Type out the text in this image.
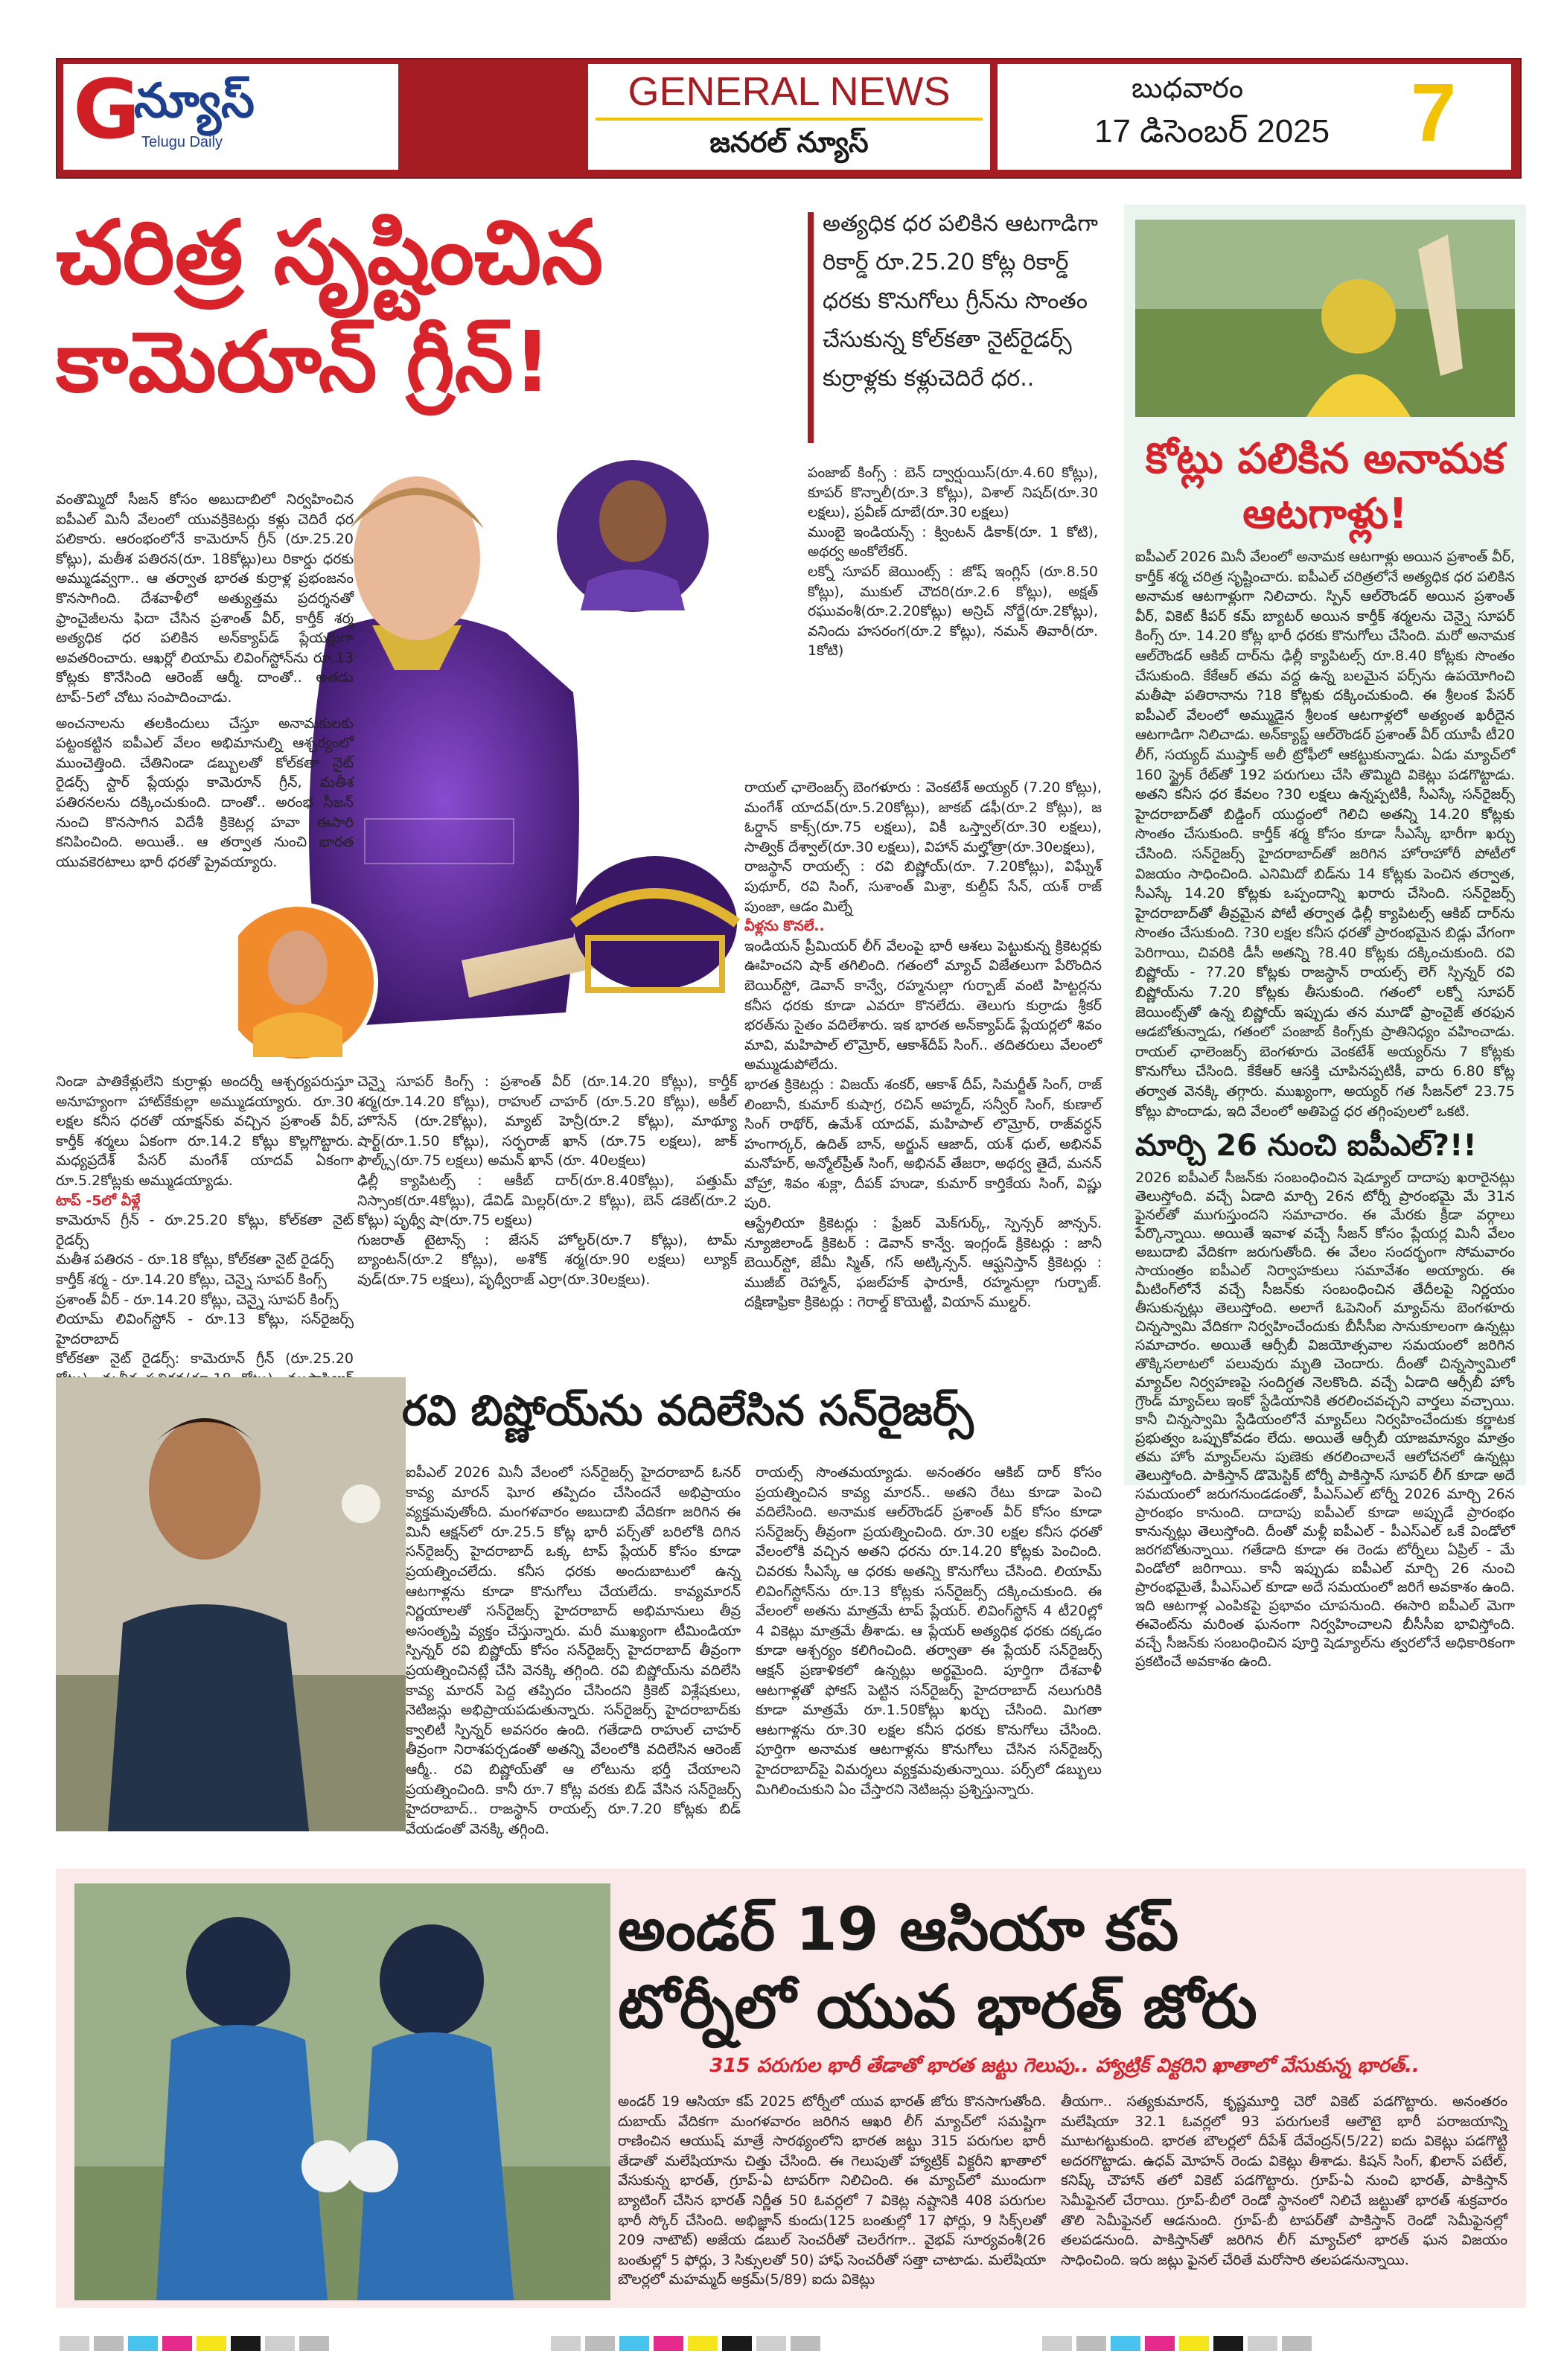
G
న్యూస్
Telugu Daily
GENERAL NEWS
జనరల్ న్యూస్
బుధవారం
17 డిసెంబర్ 2025 7
చరిత్ర సృష్టించిన
కామెరూన్ గ్రీన్!
అత్యధిక ధర పలికిన ఆటగాడిగా రికార్డ్ రూ.25.20 కోట్ల రికార్డ్ ధరకు కొనుగోలు గ్రీన్‌ను సొంతం చేసుకున్న కోల్‌కతా నైట్‌రైడర్స్ కుర్రాళ్లకు కళ్లుచెదిరే ధర..
వంతొమ్మిదో సీజన్ కోసం అబుదాబిలో నిర్వహించిన ఐపీఎల్ మినీ వేలంలో యువక్రికెటర్లు కళ్లు చెదిరే ధర పలికారు. ఆరంభంలోనే కామెరూన్ గ్రీన్ (రూ.25.20 కోట్లు), మతీశ పతిరన(రూ. 18కోట్లు)లు రికార్డు ధరకు అమ్ముడవ్వగా.. ఆ తర్వాత భారత కుర్రాళ్ల ప్రభంజనం కొనసాగింది. దేశవాళీలో అత్యుత్తమ ప్రదర్శనతో ఫ్రాంచైజీలను ఫిదా చేసిన ప్రశాంత్ వీర్, కార్తీక్ శర్మ అత్యధిక ధర పలికిన అన్‌క్యాప్‌డ్ ప్లేయర్లుగా అవతరించారు. ఆఖర్లో లియామ్ లివింగ్‌స్టోన్‌ను రూ.13 కోట్లకు కొనేసింది ఆరెంజ్ ఆర్మీ. దాంతో.. అతడు టాప్-5లో చోటు సంపాదించాడు.
అంచనాలను తలకిందులు చేస్తూ అనామకులకు పట్టంకట్టిన ఐపీఎల్ వేలం అభిమానుల్ని ఆశ్చర్యంలో ముంచెత్తింది. చేతినిండా డబ్బులతో కోల్‌కతా నైట్ రైడర్స్ స్టార్ ప్లేయర్లు కామెరూన్ గ్రీన్, మతీశ పతిరనలను దక్కించుకుంది. దాంతో.. అరంభ సీజన్ నుంచి కొనసాగిన విదేశీ క్రికెటర్ల హవా ఈసారి కనిపించింది. అయితే.. ఆ తర్వాత నుంచి భారత యువకెరటాలు భారీ ధరతో ప్రైవయ్యారు.
నిండా పాతికేళ్లులేని కుర్రాళ్లు అందర్నీ ఆశ్చర్యపరుస్తూ అనూహ్యంగా హాట్‌కేకుల్లా అమ్ముడయ్యారు. రూ.30 లక్షల కనీస ధరతో యాక్షన్‌కు వచ్చిన ప్రశాంత్ వీర్, కార్తీక్ శర్మలు ఏకంగా రూ.14.2 కోట్లు కొల్లగొట్టారు. మధ్యప్రదేశ్ పేసర్ మంగేశ్ యాదవ్ ఏకంగా రూ.5.2కోట్లకు అమ్ముడయ్యాడు.
టాప్ -5లో వీళ్లే
కామెరూన్ గ్రీన్ - రూ.25.20 కోట్లు, కోల్‌కతా నైట్ రైడర్స్
మతీశ పతిరన - రూ.18 కోట్లు, కోల్‌కతా నైట్ రైడర్స్
కార్తీక్ శర్మ - రూ.14.20 కోట్లు, చెన్నై సూపర్ కింగ్స్
ప్రశాంత్ వీర్ - రూ.14.20 కోట్లు, చెన్నై సూపర్ కింగ్స్
లియామ్ లివింగ్‌స్టోన్ - రూ.13 కోట్లు, సన్‌రైజర్స్ హైదరాబాద్
కోల్‌కతా నైట్ రైడర్స్: కామెరూన్ గ్రీన్ (రూ.25.20
చెన్నై సూపర్ కింగ్స్ : ప్రశాంత్ వీర్ (రూ.14.20 కోట్లు), కార్తీక్ శర్మ(రూ.14.20 కోట్లు), రాహుల్ చాహర్ (రూ.5.20 కోట్లు), అకీల్ హొసేన్ (రూ.2కోట్లు), మ్యాట్ హెన్రీ(రూ.2 కోట్లు), మాథ్యూ షార్ట్(రూ.1.50 కోట్లు), సర్ఫరాజ్ ఖాన్ (రూ.75 లక్షలు), జాక్ ఫౌల్క్స్(రూ.75 లక్షలు) అమన్ ఖాన్ (రూ. 40లక్షలు)
ఢిల్లీ క్యాపిటల్స్ : ఆకీబ్ దార్(రూ.8.40కోట్లు), పత్తుమ్ నిస్సాంక(రూ.4కోట్లు), డేవిడ్ మిల్లర్(రూ.2 కోట్లు), బెన్ డకెట్(రూ.2 కోట్లు) పృథ్వీ షా(రూ.75 లక్షలు)
గుజరాత్ టైటాన్స్ : జేసన్ హోల్డర్(రూ.7 కోట్లు), టామ్ బ్యాంటన్(రూ.2 కోట్లు), అశోక్ శర్మ(రూ.90 లక్షలు) ల్యూక్ వుడ్(రూ.75 లక్షలు), పృథ్వీరాజ్ ఎర్రా(రూ.30లక్షలు).
పంజాబ్ కింగ్స్ : బెన్ ద్వార్షుయిస్(రూ.4.60 కోట్లు), కూపర్ కొన్నాలీ(రూ.3 కోట్లు), విశాల్ నిషద్(రూ.30 లక్షలు), ప్రవీణ్ దూబే(రూ.30 లక్షలు)
ముంబై ఇండియన్స్ : క్వింటన్ డికాక్(రూ. 1 కోటి), అథర్వ అంకోలేకర్.
లక్నో సూపర్ జెయింట్స్ : జోష్ ఇంగ్లిస్ (రూ.8.50 కోట్లు), ముకుల్ చౌదరి(రూ.2.6 కోట్లు), అక్షత్ రఘువంశీ(రూ.2.20కోట్లు) అన్రిచ్ నోర్జే(రూ.2కోట్లు), వనిందు హసరంగ(రూ.2 కోట్లు), నమన్ తివారీ(రూ. 1కోటి)
రాయల్ ఛాలెంజర్స్ బెంగళూరు : వెంకటేశ్ అయ్యర్ (7.20 కోట్లు), మంగేశ్ యాదవ్(రూ.5.20కోట్లు), జాకబ్ డఫీ(రూ.2 కోట్లు), జ ఓర్డాన్ కాక్స్(రూ.75 లక్షలు), వికీ ఒస్త్వాల్(రూ.30 లక్షలు), సాత్విక్ దేశ్వాల్(రూ.30 లక్షలు), విహాన్ మల్హోత్రా(రూ.30లక్షలు),
రాజస్థాన్ రాయల్స్ : రవి బిష్ణోయ్(రూ. 7.20కోట్లు), విఘ్నేశ్ పుథూర్, రవి సింగ్, సుశాంత్ మిశ్రా, కుల్దీప్ సేన్, యశ్ రాజ్ పుంజా, ఆడం మిల్నే
వీళ్లను కొనలే..
ఇండియన్ ప్రీమియర్ లీగ్ వేలంపై భారీ ఆశలు పెట్టుకున్న క్రికెటర్లకు ఊహించని షాక్ తగిలింది. గతంలో మ్యాచ్ విజేతలుగా పేరొందిన బెయిర్‌స్టో, డెవాన్ కాన్వే, రహ్మనుల్లా గుర్బాజ్ వంటి హిట్టర్లను కనీస ధరకు కూడా ఎవరూ కొనలేదు. తెలుగు కుర్రాడు శ్రీకర్ భరత్‌ను సైతం వదిలేశారు. ఇక భారత అన్‌క్యాప్‌డ్ ప్లేయర్లలో శివం మావి, మహిపాల్ లొమ్రోర్, ఆకాశ్‌దీప్ సింగ్.. తదితరులు వేలంలో అమ్ముడుపోలేదు.
భారత క్రికెటర్లు : విజయ్ శంకర్, ఆకాశ్ దీప్, సిమర్జీత్ సింగ్, రాజ్ లింబానీ, కుమార్ కుషాగ్ర, రచిన్ అహ్మద్, సన్వీర్ సింగ్, కుణాల్ సింగ్ రాథోర్, ఉమేశ్ యాదవ్, మహిపాల్ లొమ్రోర్, రాజ్‌వర్ధన్ హంగార్కర్, ఉదిత్ బాన్, అర్జున్ ఆజాద్, యశ్ ధుల్, అభినవ్ మనోహర్, అన్మోల్‌ప్రీత్ సింగ్, అభినవ్ తేజరా, అథర్వ తైదే, మనన్ వోహ్రా, శివం శుక్లా, దీపక్ హుడా, కుమార్ కార్తికేయ సింగ్, విష్ణు పురి.
ఆస్ట్రేలియా క్రికెటర్లు : ఫ్రేజర్ మెక్‌గుర్క్, స్పెన్సర్ జాన్సన్. న్యూజిలాండ్ క్రికెటర్ : డెవాన్ కాన్వే. ఇంగ్లండ్ క్రికెటర్లు : జానీ బెయిర్‌స్టో, జేమీ స్మిత్, గస్ అట్కిన్సన్. ఆఫ్ఘనిస్తాన్ క్రికెటర్లు : ముజీబ్ రెహ్మాన్, ఫజల్‌హక్ ఫారూకీ, రహ్మనుల్లా గుర్బాజ్. దక్షిణాఫ్రికా క్రికెటర్లు : గెరాల్డ్ కొయెట్జీ, వియాన్ ముల్డర్.
కోట్లు పలికిన అనామక ఆటగాళ్లు!
ఐపీఎల్ 2026 మినీ వేలంలో అనామక ఆటగాళ్లు అయిన ప్రశాంత్ వీర్, కార్తీక్ శర్మ చరిత్ర సృష్టించారు. ఐపీఎల్ చరిత్రలోనే అత్యధిక ధర పలికిన అనామక ఆటగాళ్లుగా నిలిచారు. స్పిన్ ఆల్‌రౌండర్ అయిన ప్రశాంత్ వీర్, వికెట్ కీపర్ కమ్ బ్యాటర్ అయిన కార్తీక్ శర్మలను చెన్నై సూపర్ కింగ్స్ రూ. 14.20 కోట్ల భారీ ధరకు కొనుగోలు చేసింది. మరో అనామక ఆల్‌రౌండర్ ఆకిబ్ దార్‌ను ఢిల్లీ క్యాపిటల్స్ రూ.8.40 కోట్లకు సొంతం చేసుకుంది. కేకేఆర్ తమ వద్ద ఉన్న బలమైన పర్స్‌ను ఉపయోగించి మతీషా పతిరానాను ?18 కోట్లకు దక్కించుకుంది. ఈ శ్రీలంక పేసర్ ఐపీఎల్ వేలంలో అమ్ముడైన శ్రీలంక ఆటగాళ్లలో అత్యంత ఖరీదైన ఆటగాడిగా నిలిచాడు. అన్‌క్యాప్డ్ ఆల్‌రౌండర్ ప్రశాంత్ వీర్ యూపీ టీ20 లీగ్, సయ్యద్ ముష్తాక్ అలీ ట్రోఫీలో ఆకట్టుకున్నాడు. ఏడు మ్యాచ్‌లో 160 స్ట్రైక్ రేట్‌తో 192 పరుగులు చేసి తొమ్మిది వికెట్లు పడగొట్టాడు. అతని కనీస ధర కేవలం ?30 లక్షలు ఉన్నప్పటికీ, సీఎస్కే సన్‌రైజర్స్ హైదరాబాద్‌తో బిడ్డింగ్ యుద్ధంలో గెలిచి అతన్ని 14.20 కోట్లకు సొంతం చేసుకుంది. కార్తీక్ శర్మ కోసం కూడా సీఎస్కే భారీగా ఖర్చు చేసింది. సన్‌రైజర్స్ హైదరాబాద్‌తో జరిగిన హోరాహోరీ పోటీలో విజయం సాధించింది. ఎనిమిదో బిడ్‌ను 14 కోట్లకు పెంచిన తర్వాత, సీఎస్కే 14.20 కోట్లకు ఒప్పందాన్ని ఖరారు చేసింది. సన్‌రైజర్స్ హైదరాబాద్‌తో తీవ్రమైన పోటీ తర్వాత ఢిల్లీ క్యాపిటల్స్ ఆకిబ్ దార్‌ను సొంతం చేసుకుంది. ?30 లక్షల కనీస ధరతో ప్రారంభమైన బిడ్లు వేగంగా పెరిగాయి, చివరికి డీసీ అతన్ని ?8.40 కోట్లకు దక్కించుకుంది. రవి బిష్ణోయ్ - ?7.20 కోట్లకు రాజస్థాన్ రాయల్స్ లెగ్ స్పిన్నర్ రవి బిష్ణోయ్‌ను 7.20 కోట్లకు తీసుకుంది. గతంలో లక్నో సూపర్ జెయింట్స్‌తో ఉన్న బిష్ణోయ్ ఇప్పుడు తన మూడో ఫ్రాంచైజ్ తరఫున ఆడబోతున్నాడు, గతంలో పంజాబ్ కింగ్స్‌కు ప్రాతినిధ్యం వహించాడు. రాయల్ ఛాలెంజర్స్ బెంగళూరు వెంకటేశ్ అయ్యర్‌ను 7 కోట్లకు కొనుగోలు చేసింది. కేకేఆర్ ఆసక్తి చూపినప్పటికీ, వారు 6.80 కోట్ల తర్వాత వెనక్కి తగ్గారు. ముఖ్యంగా, అయ్యర్ గత సీజన్‌లో 23.75 కోట్లు పొందాడు, ఇది వేలంలో అతిపెద్ద ధర తగ్గింపులలో ఒకటి.
మార్చి 26 నుంచి ఐపీఎల్?!!
2026 ఐపీఎల్ సీజన్‌కు సంబంధించిన షెడ్యూల్ దాదాపు ఖరారైనట్లు తెలుస్తోంది. వచ్చే ఏడాది మార్చి 26న టోర్నీ ప్రారంభమై మే 31న ఫైనల్‌తో ముగుస్తుందని సమాచారం. ఈ మేరకు క్రీడా వర్గాలు పేర్కొన్నాయి. అయితే ఇవాళ వచ్చే సీజన్ కోసం ప్లేయర్ల మినీ వేలం అబుదాబి వేదికగా జరుగుతోంది. ఈ వేలం సందర్భంగా సోమవారం సాయంత్రం ఐపీఎల్ నిర్వాహకులు సమావేశం అయ్యారు. ఈ మీటింగ్‌లోనే వచ్చే సీజన్‌కు సంబంధించిన తేదీలపై నిర్ణయం తీసుకున్నట్లు తెలుస్తోంది. అలాగే ఓపెనింగ్ మ్యాచ్‌ను బెంగళూరు చిన్నస్వామి వేదికగా నిర్వహించేందుకు బీసీసీఐ సానుకూలంగా ఉన్నట్లు సమాచారం. అయితే ఆర్సీబీ విజయోత్సవాల సమయంలో జరిగిన తొక్కిసలాటలో పలువురు మృతి చెందారు. దీంతో చిన్నస్వామిలో మ్యాచ్‌ల నిర్వహణపై సందిగ్ధత నెలకొంది. వచ్చే ఏడాది ఆర్సీబీ హోం గ్రౌండ్ మ్యాచ్‌లు ఇంకో స్టేడియానికి తరలించవచ్చని వార్తలు వచ్చాయి. కానీ చిన్నస్వామి స్టేడియంలోనే మ్యాచ్‌లు నిర్వహించేందుకు కర్ణాటక ప్రభుత్వం ఒప్పుకోవడం లేదు. అయితే ఆర్సీబీ యాజమాన్యం మాత్రం తమ హోం మ్యాచ్‌లను పుణెకు తరలించాలనే ఆలోచనలో ఉన్నట్లు తెలుస్తోంది. పాకిస్తాన్ డొమెస్టిక్ టోర్నీ పాకిస్తాన్ సూపర్ లీగ్ కూడా అదే సమయంలో జరుగనుండడంతో, పీఎస్ఎల్ టోర్నీ 2026 మార్చి 26న ప్రారంభం కానుంది. దాదాపు ఐపీఎల్ కూడా అప్పుడే ప్రారంభం కానున్నట్లు తెలుస్తోంది. దీంతో మళ్లీ ఐపీఎల్ - పీఎస్ఎల్ ఒకే విండోలో జరగబోతున్నాయి. గతేడాది కూడా ఈ రెండు టోర్నీలు ఏప్రిల్ - మే విండోలో జరిగాయి. కానీ ఇప్పుడు ఐపీఎల్ మార్చి 26 నుంచి ప్రారంభమైతే, పీఎస్ఎల్ కూడా అదే సమయంలో జరిగే అవకాశం ఉంది. ఇది ఆటగాళ్ల ఎంపికపై ప్రభావం చూపనుంది. ఈసారి ఐపీఎల్ మెగా ఈవెంట్‌ను మరింత ఘనంగా నిర్వహించాలని బీసీసీఐ భావిస్తోంది. వచ్చే సీజన్‌కు సంబంధించిన పూర్తి షెడ్యూల్‌ను త్వరలోనే అధికారికంగా ప్రకటించే అవకాశం ఉంది.
రవి బిష్ణోయ్‌ను వదిలేసిన సన్‌రైజర్స్
ఐపీఎల్ 2026 మినీ వేలంలో సన్‌రైజర్స్ హైదరాబాద్ ఓనర్ కావ్య మారన్ ఘోర తప్పిదం చేసిందనే అభిప్రాయం వ్యక్తమవుతోంది. మంగళవారం అబుదాబి వేదికగా జరిగిన ఈ మినీ ఆక్షన్‌లో రూ.25.5 కోట్ల భారీ పర్స్‌తో బరిలోకి దిగిన సన్‌రైజర్స్ హైదరాబాద్ ఒక్క టాప్ ప్లేయర్ కోసం కూడా ప్రయత్నించలేదు. కనీస ధరకు అందుబాటులో ఉన్న ఆటగాళ్లను కూడా కొనుగోలు చేయలేదు. కావ్యమారన్ నిర్ణయాలతో సన్‌రైజర్స్ హైదరాబాద్ అభిమానులు తీవ్ర అసంతృప్తి వ్యక్తం చేస్తున్నారు. మరీ ముఖ్యంగా టీమిండియా స్పిన్నర్ రవి బిష్ణోయ్ కోసం సన్‌రైజర్స్ హైదరాబాద్ తీవ్రంగా ప్రయత్నించినట్లే చేసి వెనక్కి తగ్గింది. రవి బిష్ణోయ్‌ను వదిలేసి కావ్య మారన్ పెద్ద తప్పిదం చేసిందని క్రికెట్ విశ్లేషకులు, నెటిజన్లు అభిప్రాయపడుతున్నారు. సన్‌రైజర్స్ హైదరాబాద్‌కు క్వాలిటీ స్పిన్నర్ అవసరం ఉంది. గతేడాది రాహుల్ చాహర్ తీవ్రంగా నిరాశపర్చడంతో అతన్ని వేలంలోకి వదిలేసిన ఆరెంజ్ ఆర్మీ.. రవి బిష్ణోయ్‌తో ఆ లోటును భర్తీ చేయాలని ప్రయత్నించింది. కానీ రూ.7 కోట్ల వరకు బిడ్ వేసిన సన్‌రైజర్స్ హైదరాబాద్.. రాజస్థాన్ రాయల్స్ రూ.7.20 కోట్లకు బిడ్ వేయడంతో వెనక్కి తగ్గింది.
రాయల్స్ సొంతమయ్యాడు. అనంతరం ఆకిబ్ దార్ కోసం ప్రయత్నించిన కావ్య మారన్.. అతని రేటు కూడా పెంచి వదిలేసింది. అనామక ఆల్‌రౌండర్ ప్రశాంత్ వీర్ కోసం కూడా సన్‌రైజర్స్ తీవ్రంగా ప్రయత్నించింది. రూ.30 లక్షల కనీస ధరతో వేలంలోకి వచ్చిన అతని ధరను రూ.14.20 కోట్లకు పెంచింది. చివరకు సీఎస్కే ఆ ధరకు అతన్ని కొనుగోలు చేసింది. లియామ్ లివింగ్‌స్టోన్‌ను రూ.13 కోట్లకు సన్‌రైజర్స్ దక్కించుకుంది. ఈ వేలంలో అతను మాత్రమే టాప్ ప్లేయర్. లివింగ్‌స్టోన్ 4 టీ20ల్లో 4 వికెట్లు మాత్రమే తీశాడు. ఆ ప్లేయర్ అత్యధిక ధరకు దక్కడం కూడా ఆశ్చర్యం కలిగించింది. తర్వాతా ఈ ప్లేయర్ సన్‌రైజర్స్ ఆక్షన్ ప్రణాళికలో ఉన్నట్లు అర్థమైంది. పూర్తిగా దేశవాళీ ఆటగాళ్లతో ఫోకస్ పెట్టిన సన్‌రైజర్స్ హైదరాబాద్ నలుగురికి కూడా మాత్రమే రూ.1.50కోట్లు ఖర్చు చేసింది. మిగతా ఆటగాళ్లను రూ.30 లక్షల కనీస ధరకు కొనుగోలు చేసింది. పూర్తిగా అనామక ఆటగాళ్లను కొనుగోలు చేసిన సన్‌రైజర్స్ హైదరాబాద్‌పై విమర్శలు వ్యక్తమవుతున్నాయి. పర్స్‌లో డబ్బులు మిగిలించుకుని ఏం చేస్తారని నెటిజన్లు ప్రశ్నిస్తున్నారు.
అండర్ 19 ఆసియా కప్
టోర్నీలో యువ భారత్ జోరు
315 పరుగుల భారీ తేడాతో భారత జట్టు గెలుపు.. హ్యాట్రిక్ విక్టరిని ఖాతాలో వేసుకున్న భారత్..
అండర్ 19 ఆసియా కప్ 2025 టోర్నీలో యువ భారత్ జోరు కొనసాగుతోంది. దుబాయ్ వేదికగా మంగళవారం జరిగిన ఆఖరి లీగ్ మ్యాచ్‌లో సమష్టిగా రాణించిన ఆయుష్ మాత్రే సారథ్యంలోని భారత జట్టు 315 పరుగుల భారీ తేడాతో మలేషియాను చిత్తు చేసింది. ఈ గెలుపుతో హ్యాట్రిక్ విక్టరీని ఖాతాలో వేసుకున్న భారత్, గ్రూప్-ఏ టాపర్‌గా నిలిచింది. ఈ మ్యాచ్‌లో ముందుగా బ్యాటింగ్ చేసిన భారత్ నిర్ణీత 50 ఓవర్లలో 7 వికెట్ల నష్టానికి 408 పరుగుల భారీ స్కోర్ చేసింది. అభిజ్ఞాన్ కుందు(125 బంతుల్లో 17 ఫోర్లు, 9 సిక్స్‌లతో 209 నాటౌట్) అజేయ డబుల్ సెంచరీతో చెలరేగగా.. వైభవ్ సూర్యవంశీ(26 బంతుల్లో 5 ఫోర్లు, 3 సిక్సులతో 50) హాఫ్ సెంచరీతో సత్తా చాటాడు. మలేషియా బౌలర్లలో మహమ్మద్ అక్రమ్(5/89) ఐదు వికెట్లు
తీయగా.. సత్యకుమారన్, కృష్ణమూర్తి చెరో వికెట్ పడగొట్టారు. అనంతరం మలేషియా 32.1 ఓవర్లలో 93 పరుగులకే ఆలౌటై భారీ పరాజయాన్ని మూటగట్టుకుంది. భారత బౌలర్లలో దీపేశ్ దేవేంద్రన్(5/22) ఐదు వికెట్లు పడగొట్టి అదరగొట్టాడు. ఉధవ్ మోహన్ రెండు వికెట్లు తీశాడు. కిషన్ సింగ్, ఖిలాన్ పటేల్, కనిష్క్ చౌహాన్ తలో వికెట్ పడగొట్టారు. గ్రూప్-ఏ నుంచి భారత్, పాకిస్తాన్ సెమీఫైనల్ చేరాయి. గ్రూప్-బీలో రెండో స్థానంలో నిలిచే జట్టుతో భారత్ శుక్రవారం తొలి సెమీఫైనల్ ఆడనుంది. గ్రూప్-బీ టాపర్‌తో పాకిస్తాన్ రెండో సెమీఫైనల్లో తలపడనుంది. పాకిస్తాన్‌తో జరిగిన లీగ్ మ్యాచ్‌లో భారత్ ఘన విజయం సాధించింది. ఇరు జట్లు ఫైనల్ చేరితే మరోసారి తలపడనున్నాయి.
